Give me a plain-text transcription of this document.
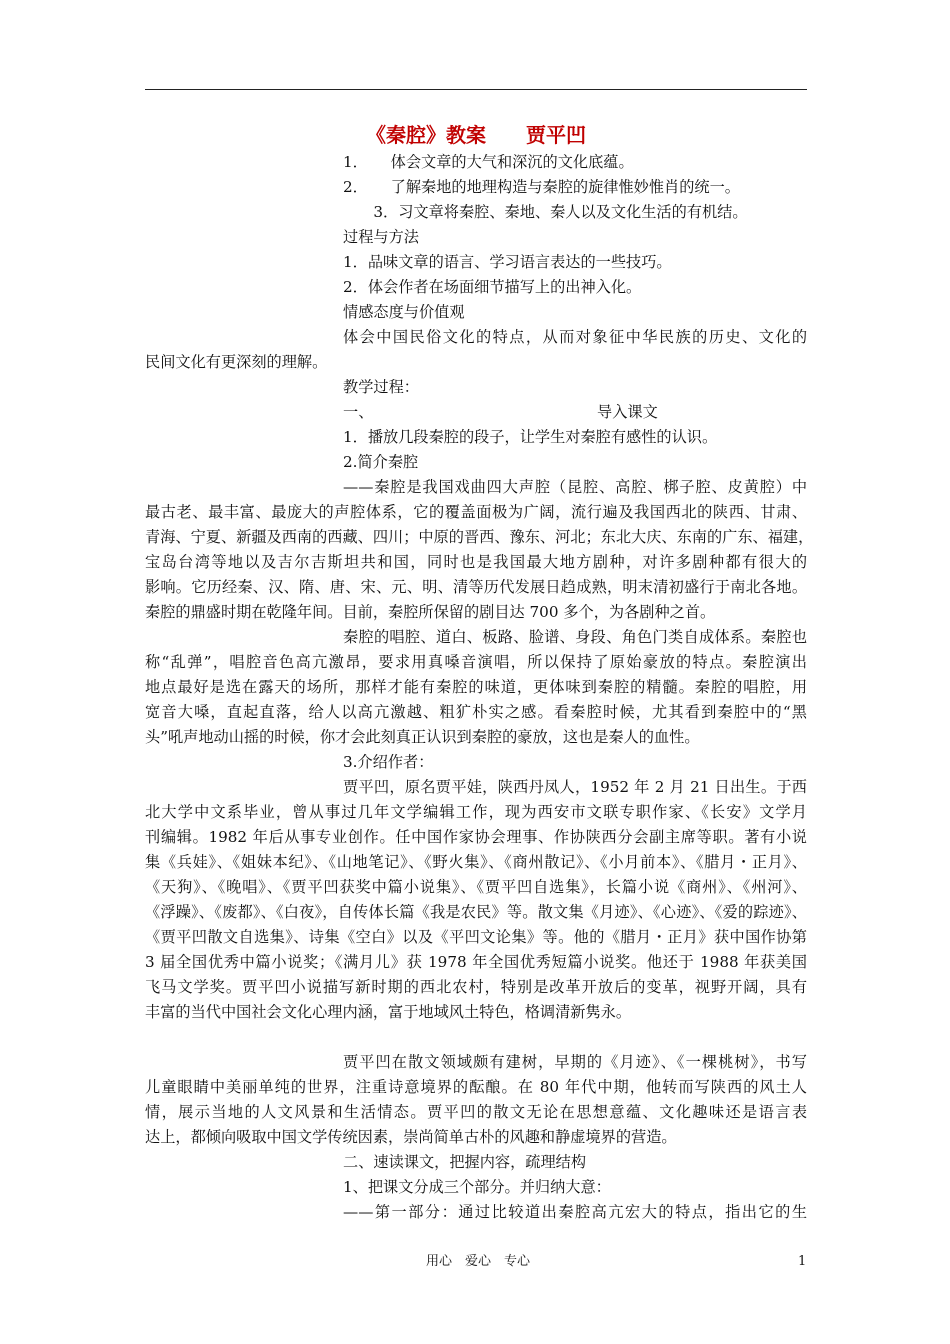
《秦腔》教案　　贾平凹
1．　　体会文章的大气和深沉的文化底蕴。
2．　　了解秦地的地理构造与秦腔的旋律惟妙惟肖的统一。
　　3．习文章将秦腔、秦地、秦人以及文化生活的有机结。
过程与方法
1．品味文章的语言、学习语言表达的一些技巧。
2．体会作者在场面细节描写上的出神入化。
情感态度与价值观
体会中国民俗文化的特点，从而对象征中华民族的历史、文化的
民间文化有更深刻的理解。
教学过程：
一、	导入课文
1．播放几段秦腔的段子，让学生对秦腔有感性的认识。
2.简介秦腔
——秦腔是我国戏曲四大声腔（昆腔、高腔、梆子腔、皮黄腔）中
最古老、最丰富、最庞大的声腔体系，它的覆盖面极为广阔，流行遍及我国西北的陕西、甘肃、
青海、宁夏、新疆及西南的西藏、四川；中原的晋西、豫东、河北；东北大庆、东南的广东、福建，
宝岛台湾等地以及吉尔吉斯坦共和国，同时也是我国最大地方剧种，对许多剧种都有很大的
影响。它历经秦、汉、隋、唐、宋、元、明、清等历代发展日趋成熟，明末清初盛行于南北各地。
秦腔的鼎盛时期在乾隆年间。目前，秦腔所保留的剧目达 700 多个，为各剧种之首。
秦腔的唱腔、道白、板路、脸谱、身段、角色门类自成体系。秦腔也
称“乱弹”，唱腔音色高亢激昂，要求用真嗓音演唱，所以保持了原始豪放的特点。秦腔演出
地点最好是选在露天的场所，那样才能有秦腔的味道，更体味到秦腔的精髓。秦腔的唱腔，用
宽音大嗓，直起直落，给人以高亢激越、粗犷朴实之感。看秦腔时候，尤其看到秦腔中的“黑
头”吼声地动山摇的时候，你才会此刻真正认识到秦腔的豪放，这也是秦人的血性。
3.介绍作者：
贾平凹，原名贾平娃，陕西丹凤人，1952 年 2 月 21 日出生。于西
北大学中文系毕业，曾从事过几年文学编辑工作，现为西安市文联专职作家、《长安》文学月
刊编辑。1982 年后从事专业创作。任中国作家协会理事、作协陕西分会副主席等职。著有小说
集《兵娃》、《姐妹本纪》、《山地笔记》、《野火集》、《商州散记》、《小月前本》、《腊月・正月》、
《天狗》、《晚唱》、《贾平凹获奖中篇小说集》、《贾平凹自选集》，长篇小说《商州》、《州河》、
《浮躁》、《废都》、《白夜》，自传体长篇《我是农民》等。散文集《月迹》、《心迹》、《爱的踪迹》、
《贾平凹散文自选集》、诗集《空白》以及《平凹文论集》等。他的《腊月・正月》获中国作协第
3 届全国优秀中篇小说奖；《满月儿》获 1978 年全国优秀短篇小说奖。他还于 1988 年获美国
飞马文学奖。贾平凹小说描写新时期的西北农村，特别是改革开放后的变革，视野开阔，具有
丰富的当代中国社会文化心理内涵，富于地域风土特色，格调清新隽永。
贾平凹在散文领域颇有建树，早期的《月迹》、《一棵桃树》，书写
儿童眼睛中美丽单纯的世界，注重诗意境界的酝酿。在 80 年代中期，他转而写陕西的风土人
情，展示当地的人文风景和生活情态。贾平凹的散文无论在思想意蕴、文化趣味还是语言表
达上，都倾向吸取中国文学传统因素，崇尚简单古朴的风趣和静虚境界的营造。
二、速读课文，把握内容，疏理结构
1、把课文分成三个部分。并归纳大意：
——第一部分：通过比较道出秦腔高亢宏大的特点，指出它的生
用心　爱心　专心	1
